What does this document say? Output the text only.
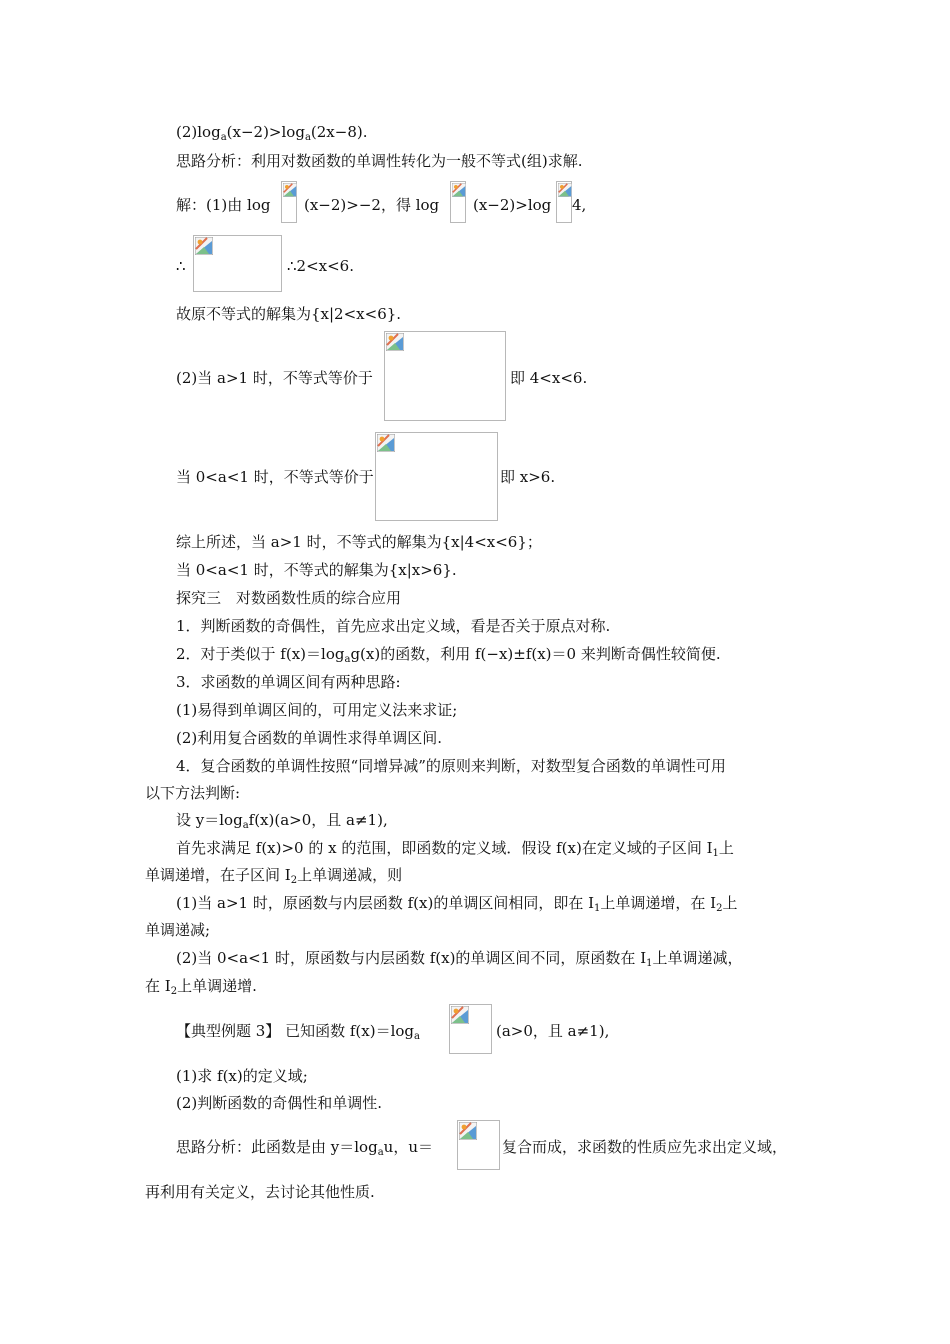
$(2)\log_a(x-2)>\log_a(2x-8)$.
思路分析：利用对数函数的单调性转化为一般不等式(组)求解.
解：(1)由 log (x−2)>−2，得 log (x−2)>log 4,
∴	∴2<x<6.
故原不等式的解集为{x|2<x<6}.
(2)当 a>1 时，不等式等价于	即 4<x<6.
当 0<a<1 时，不等式等价于	即 x>6.
综上所述，当 a>1 时，不等式的解集为{x|4<x<6}；
当 0<a<1 时，不等式的解集为{x|x>6}.
探究三　对数函数性质的综合应用
1．判断函数的奇偶性，首先应求出定义域，看是否关于原点对称.
2．对于类似于 $f(x)=\log_ag(x)$的函数，利用 f(−x)±f(x)＝0 来判断奇偶性较简便.
3．求函数的单调区间有两种思路:
(1)易得到单调区间的，可用定义法来求证;
(2)利用复合函数的单调性求得单调区间.
4．复合函数的单调性按照“同增异减”的原则来判断，对数型复合函数的单调性可用
以下方法判断:
设 $y=\log_af(x)(a>0$，且 a≠1),
首先求满足 f(x)>0 的 x 的范围，即函数的定义域．假设 f(x)在定义域的子区间 $I_1$上
单调递增，在子区间 $I_2$上单调递减，则
(1)当 a>1 时，原函数与内层函数 f(x)的单调区间相同，即在 $I_1$上单调递增，在 $I_2$上
单调递减;
(2)当 0<a<1 时，原函数与内层函数 f(x)的单调区间不同，原函数在 $I_1$上单调递减，
在 $I_2$上单调递增.
【典型例题 3】 已知函数 $f(x)=\log_a$	(a>0，且 a≠1),
(1)求 f(x)的定义域;
(2)判断函数的奇偶性和单调性.
思路分析：此函数是由 $y=\log_au$，u＝	复合而成，求函数的性质应先求出定义域，
再利用有关定义，去讨论其他性质.
